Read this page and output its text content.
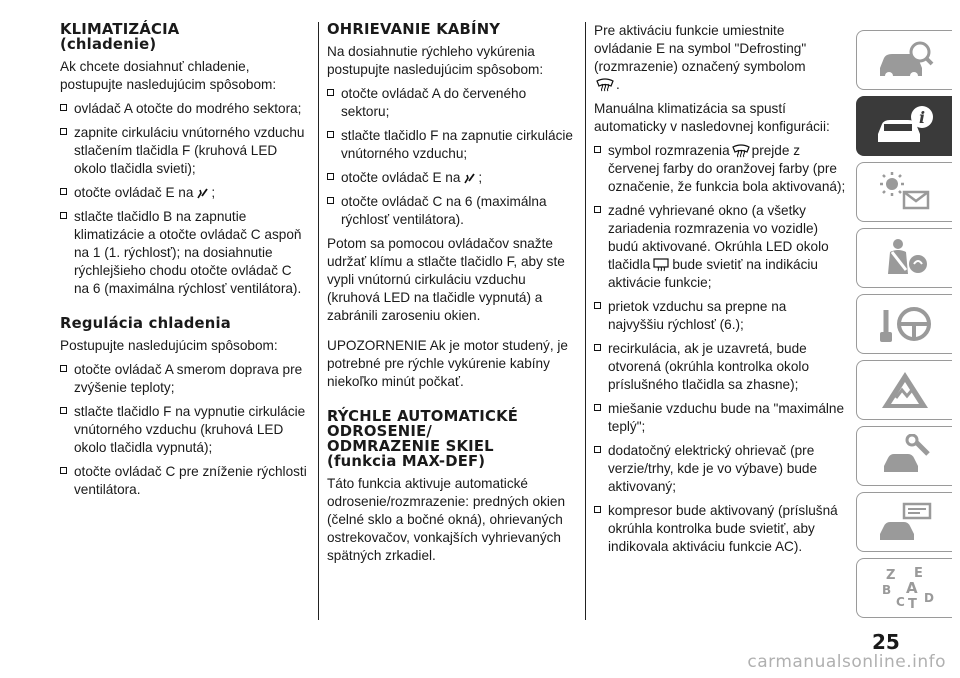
KLIMATIZÁCIA
(chladenie)

Ak chcete dosiahnuť chladenie, postupujte nasledujúcim spôsobom:

ovládač A otočte do modrého sektora;
zapnite cirkuláciu vnútorného vzduchu stlačením tlačidla F (kruhová LED okolo tlačidla svieti);
otočte ovládač E na ;
stlačte tlačidlo B na zapnutie klimatizácie a otočte ovládač C aspoň na 1 (1. rýchlosť); na dosiahnutie rýchlejšieho chodu otočte ovládač C na 6 (maximálna rýchlosť ventilátora).
Regulácia chladenia

Postupujte nasledujúcim spôsobom:

otočte ovládač A smerom doprava pre zvýšenie teploty;
stlačte tlačidlo F na vypnutie cirkulácie vnútorného vzduchu (kruhová LED okolo tlačidla vypnutá);
otočte ovládač C pre zníženie rýchlosti ventilátora.
OHRIEVANIE KABÍNY

Na dosiahnutie rýchleho vykúrenia postupujte nasledujúcim spôsobom:

otočte ovládač A do červeného sektoru;
stlačte tlačidlo F na zapnutie cirkulácie vnútorného vzduchu;
otočte ovládač E na ;
otočte ovládač C na 6 (maximálna rýchlosť ventilátora).

Potom sa pomocou ovládačov snažte udržať klímu a stlačte tlačidlo F, aby ste vypli vnútornú cirkuláciu vzduchu (kruhová LED na tlačidle vypnutá) a zabránili zaroseniu okien.

UPOZORNENIE Ak je motor studený, je potrebné pre rýchle vykúrenie kabíny niekoľko minút počkať.

RÝCHLE AUTOMATICKÉ
ODROSENIE/
ODMRAZENIE SKIEL
(funkcia MAX-DEF)

Táto funkcia aktivuje automatické odrosenie/rozmrazenie: predných okien (čelné sklo a bočné okná), ohrievaných ostrekovačov, vonkajších vyhrievaných spätných zrkadiel.

Pre aktiváciu funkcie umiestnite ovládanie E na symbol "Defrosting" (rozmrazenie) označený symbolom
.

Manuálna klimatizácia sa spustí automaticky v nasledovnej konfigurácii:

symbol rozmrazenia prejde z červenej farby do oranžovej farby (pre označenie, že funkcia bola aktivovaná);
zadné vyhrievané okno (a všetky zariadenia rozmrazenia vo vozidle) budú aktivované. Okrúhla LED okolo tlačidla bude svietiť na indikáciu aktivácie funkcie;
prietok vzduchu sa prepne na najvyššiu rýchlosť (6.);
recirkulácia, ak je uzavretá, bude otvorená (okrúhla kontrolka okolo príslušného tlačidla sa zhasne);
miešanie vzduchu bude na "maximálne teplý";
dodatočný elektrický ohrievač (pre verzie/trhy, kde je vo výbave) bude aktivovaný;
kompresor bude aktivovaný (príslušná okrúhla kontrolka bude svietiť, aby indikovala aktiváciu funkcie AC).
i
Z E
B A
C T D
25
carmanualsonline.info
